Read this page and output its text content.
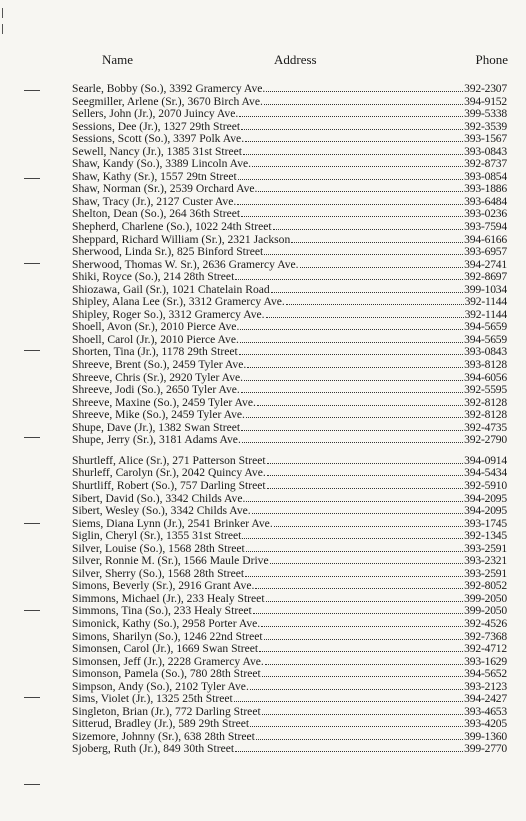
Name	Address	Phone
Searle, Bobby (So.), 3392 Gramercy Ave.	392-2307
Seegmiller, Arlene (Sr.), 3670 Birch Ave.	394-9152
Sellers, John (Jr.), 2070 Juincy Ave.	399-5338
Sessions, Dee (Jr.), 1327 29th Street	392-3539
Sessions, Scott (So.), 3397 Polk Ave.	393-1567
Sewell, Nancy (Jr.), 1385 31st Street	393-0843
Shaw, Kandy (So.), 3389 Lincoln Ave.	392-8737
Shaw, Kathy (Sr.), 1557 29tn Street	393-0854
Shaw, Norman (Sr.), 2539 Orchard Ave.	393-1886
Shaw, Tracy (Jr.), 2127 Custer Ave.	393-6484
Shelton, Dean (So.), 264 36th Street	393-0236
Shepherd, Charlene (So.), 1022 24th Street	393-7594
Sheppard, Richard William (Sr.), 2321 Jackson	394-6166
Sherwood, Linda Sr.), 825 Binford Street	393-6957
Sherwood, Thomas W. Sr.), 2636 Gramercy Ave.	394-2741
Shiki, Royce (So.), 214 28th Street	392-8697
Shiozawa, Gail (Sr.), 1021 Chatelain Road	399-1034
Shipley, Alana Lee (Sr.), 3312 Gramercy Ave.	392-1144
Shipley, Roger So.), 3312 Gramercy Ave.	392-1144
Shoell, Avon (Sr.), 2010 Pierce Ave.	394-5659
Shoell, Carol (Jr.), 2010 Pierce Ave.	394-5659
Shorten, Tina (Jr.), 1178 29th Street	393-0843
Shreeve, Brent (So.), 2459 Tyler Ave.	393-8128
Shreeve, Chris (Sr.), 2920 Tyler Ave.	394-6056
Shreeve, Jodi (So.), 2650 Tyler Ave.	392-5595
Shreeve, Maxine (So.), 2459 Tyler Ave.	392-8128
Shreeve, Mike (So.), 2459 Tyler Ave.	392-8128
Shupe, Dave (Jr.), 1382 Swan Street	392-4735
Shupe, Jerry (Sr.), 3181 Adams Ave.	392-2790
Shurtleff, Alice (Sr.), 271 Patterson Street	394-0914
Shurleff, Carolyn (Sr.), 2042 Quincy Ave.	394-5434
Shurtliff, Robert (So.), 757 Darling Street	392-5910
Sibert, David (So.), 3342 Childs Ave.	394-2095
Sibert, Wesley (So.), 3342 Childs Ave.	394-2095
Siems, Diana Lynn (Jr.), 2541 Brinker Ave.	393-1745
Siglin, Cheryl (Sr.), 1355 31st Street	392-1345
Silver, Louise (So.), 1568 28th Street	393-2591
Silver, Ronnie M. (Sr.), 1566 Maule Drive	393-2321
Silver, Sherry (So.), 1568 28th Street	393-2591
Simons, Beverly (Sr.), 2916 Grant Ave.	392-8052
Simmons, Michael (Jr.), 233 Healy Street	399-2050
Simmons, Tina (So.), 233 Healy Street	399-2050
Simonick, Kathy (So.), 2958 Porter Ave.	392-4526
Simons, Sharilyn (So.), 1246 22nd Street	392-7368
Simonsen, Carol (Jr.), 1669 Swan Street	392-4712
Simonsen, Jeff (Jr.), 2228 Gramercy Ave.	393-1629
Simonson, Pamela (So.), 780 28th Street	394-5652
Simpson, Andy (So.), 2102 Tyler Ave.	393-2123
Sims, Violet (Jr.), 1325 25th Street	394-2427
Singleton, Brian (Jr.), 772 Darling Street	393-4653
Sitterud, Bradley (Jr.), 589 29th Street	393-4205
Sizemore, Johnny (Sr.), 638 28th Street	399-1360
Sjoberg, Ruth (Jr.), 849 30th Street	399-2770
